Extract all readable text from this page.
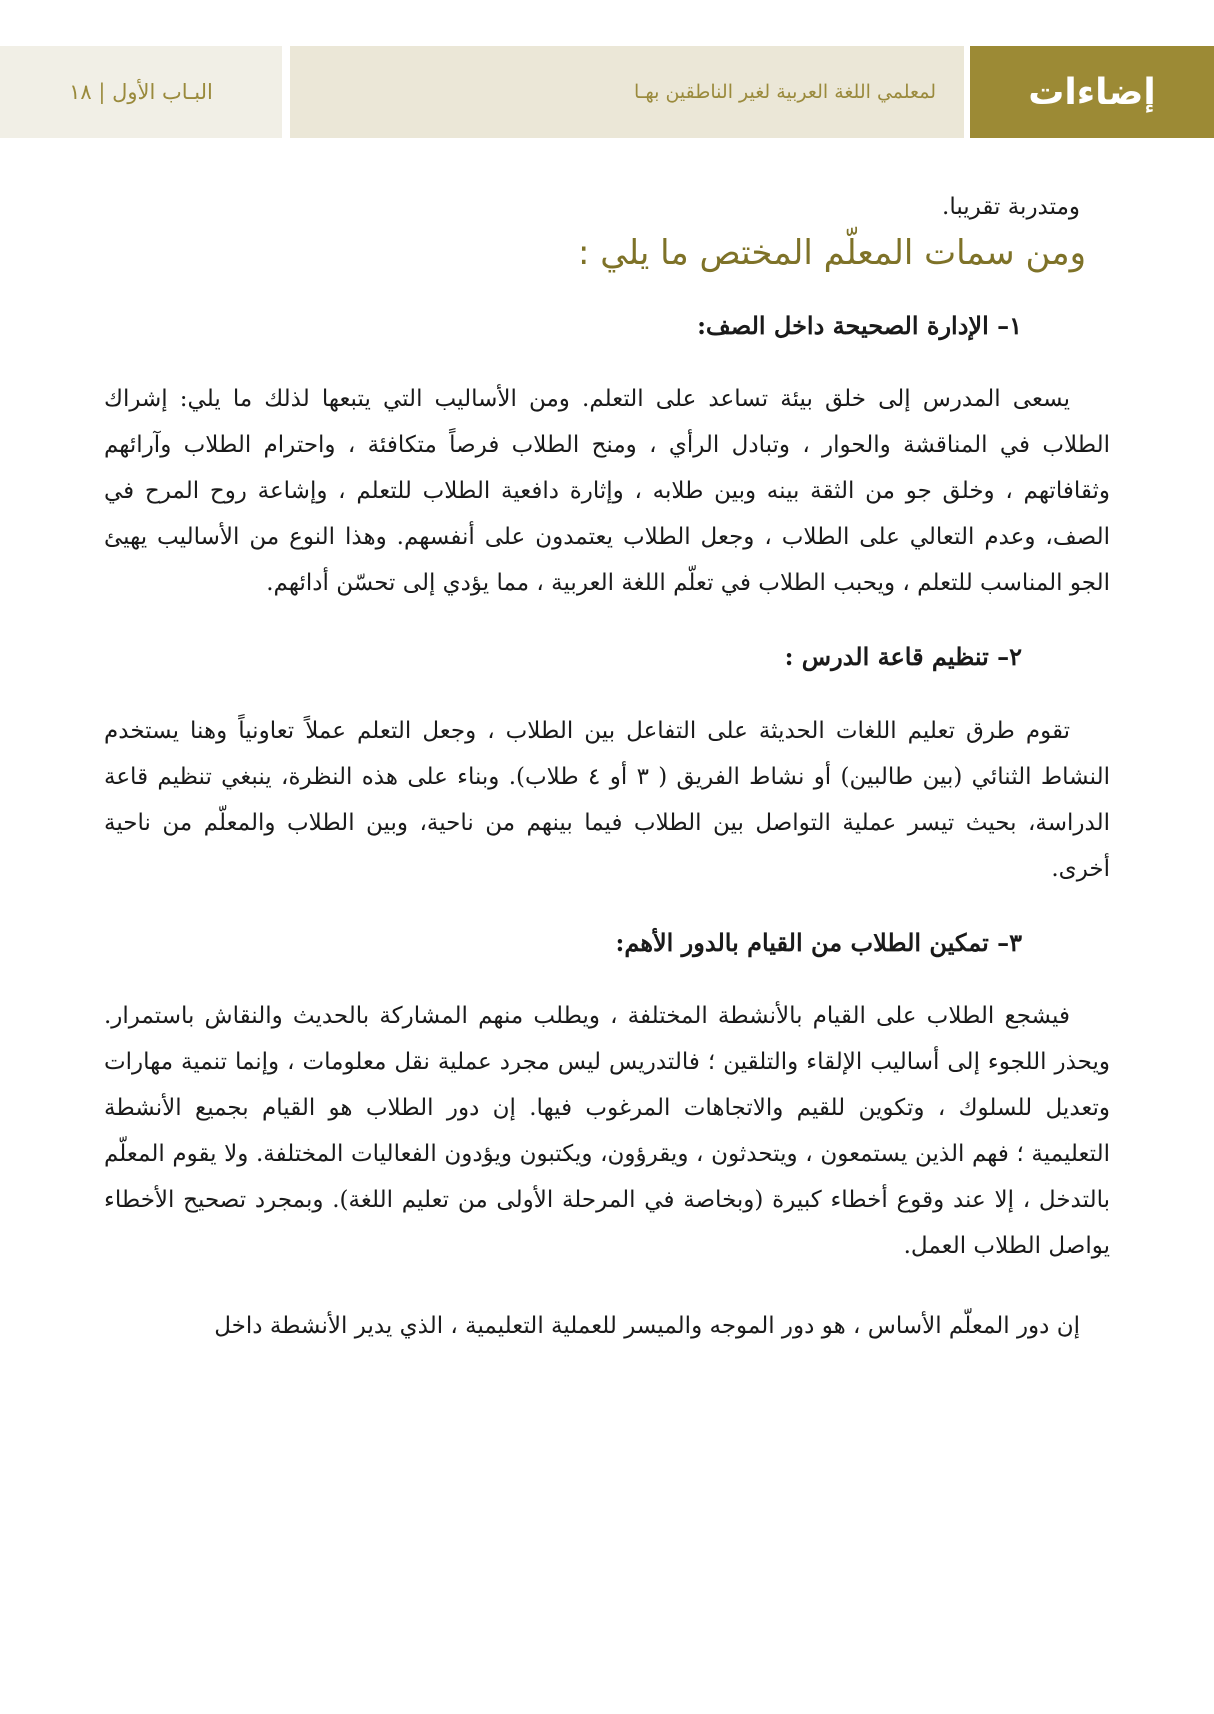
البـاب الأول | ١٨	لمعلمي اللغة العربية لغير الناطقين بهـا	إضاءات
ومتدربة تقريبا.
ومن سمات المعلّم المختص ما يلي :
١– الإدارة الصحيحة داخل الصف:

يسعى المدرس إلى خلق بيئة تساعد على التعلم. ومن الأساليب التي يتبعها لذلك ما يلي: إشراك الطلاب في المناقشة والحوار ، وتبادل الرأي ، ومنح الطلاب فرصاً متكافئة ، واحترام الطلاب وآرائهم وثقافاتهم ، وخلق جو من الثقة بينه وبين طلابه ، وإثارة دافعية الطلاب للتعلم ، وإشاعة روح المرح في الصف، وعدم التعالي على الطلاب ، وجعل الطلاب يعتمدون على أنفسهم. وهذا النوع من الأساليب يهيئ الجو المناسب للتعلم ، ويحبب الطلاب في تعلّم اللغة العربية ، مما يؤدي إلى تحسّن أدائهم.

٢– تنظيم قاعة الدرس :

تقوم طرق تعليم اللغات الحديثة على التفاعل بين الطلاب ، وجعل التعلم عملاً تعاونياً وهنا يستخدم النشاط الثنائي (بين طالبين) أو نشاط الفريق ( ٣ أو ٤ طلاب). وبناء على هذه النظرة، ينبغي تنظيم قاعة الدراسة، بحيث تيسر عملية التواصل بين الطلاب فيما بينهم من ناحية، وبين الطلاب والمعلّم من ناحية أخرى.

٣– تمكين الطلاب من القيام بالدور الأهم:

فيشجع الطلاب على القيام بالأنشطة المختلفة ، ويطلب منهم المشاركة بالحديث والنقاش باستمرار. ويحذر اللجوء إلى أساليب الإلقاء والتلقين ؛ فالتدريس ليس مجرد عملية نقل معلومات ، وإنما تنمية مهارات وتعديل للسلوك ، وتكوين للقيم والاتجاهات المرغوب فيها. إن دور الطلاب هو القيام بجميع الأنشطة التعليمية ؛ فهم الذين يستمعون ، ويتحدثون ، ويقرؤون، ويكتبون ويؤدون الفعاليات المختلفة. ولا يقوم المعلّم بالتدخل ، إلا عند وقوع أخطاء كبيرة (وبخاصة في المرحلة الأولى من تعليم اللغة). وبمجرد تصحيح الأخطاء يواصل الطلاب العمل.

إن دور المعلّم الأساس ، هو دور الموجه والميسر للعملية التعليمية ، الذي يدير الأنشطة داخل
